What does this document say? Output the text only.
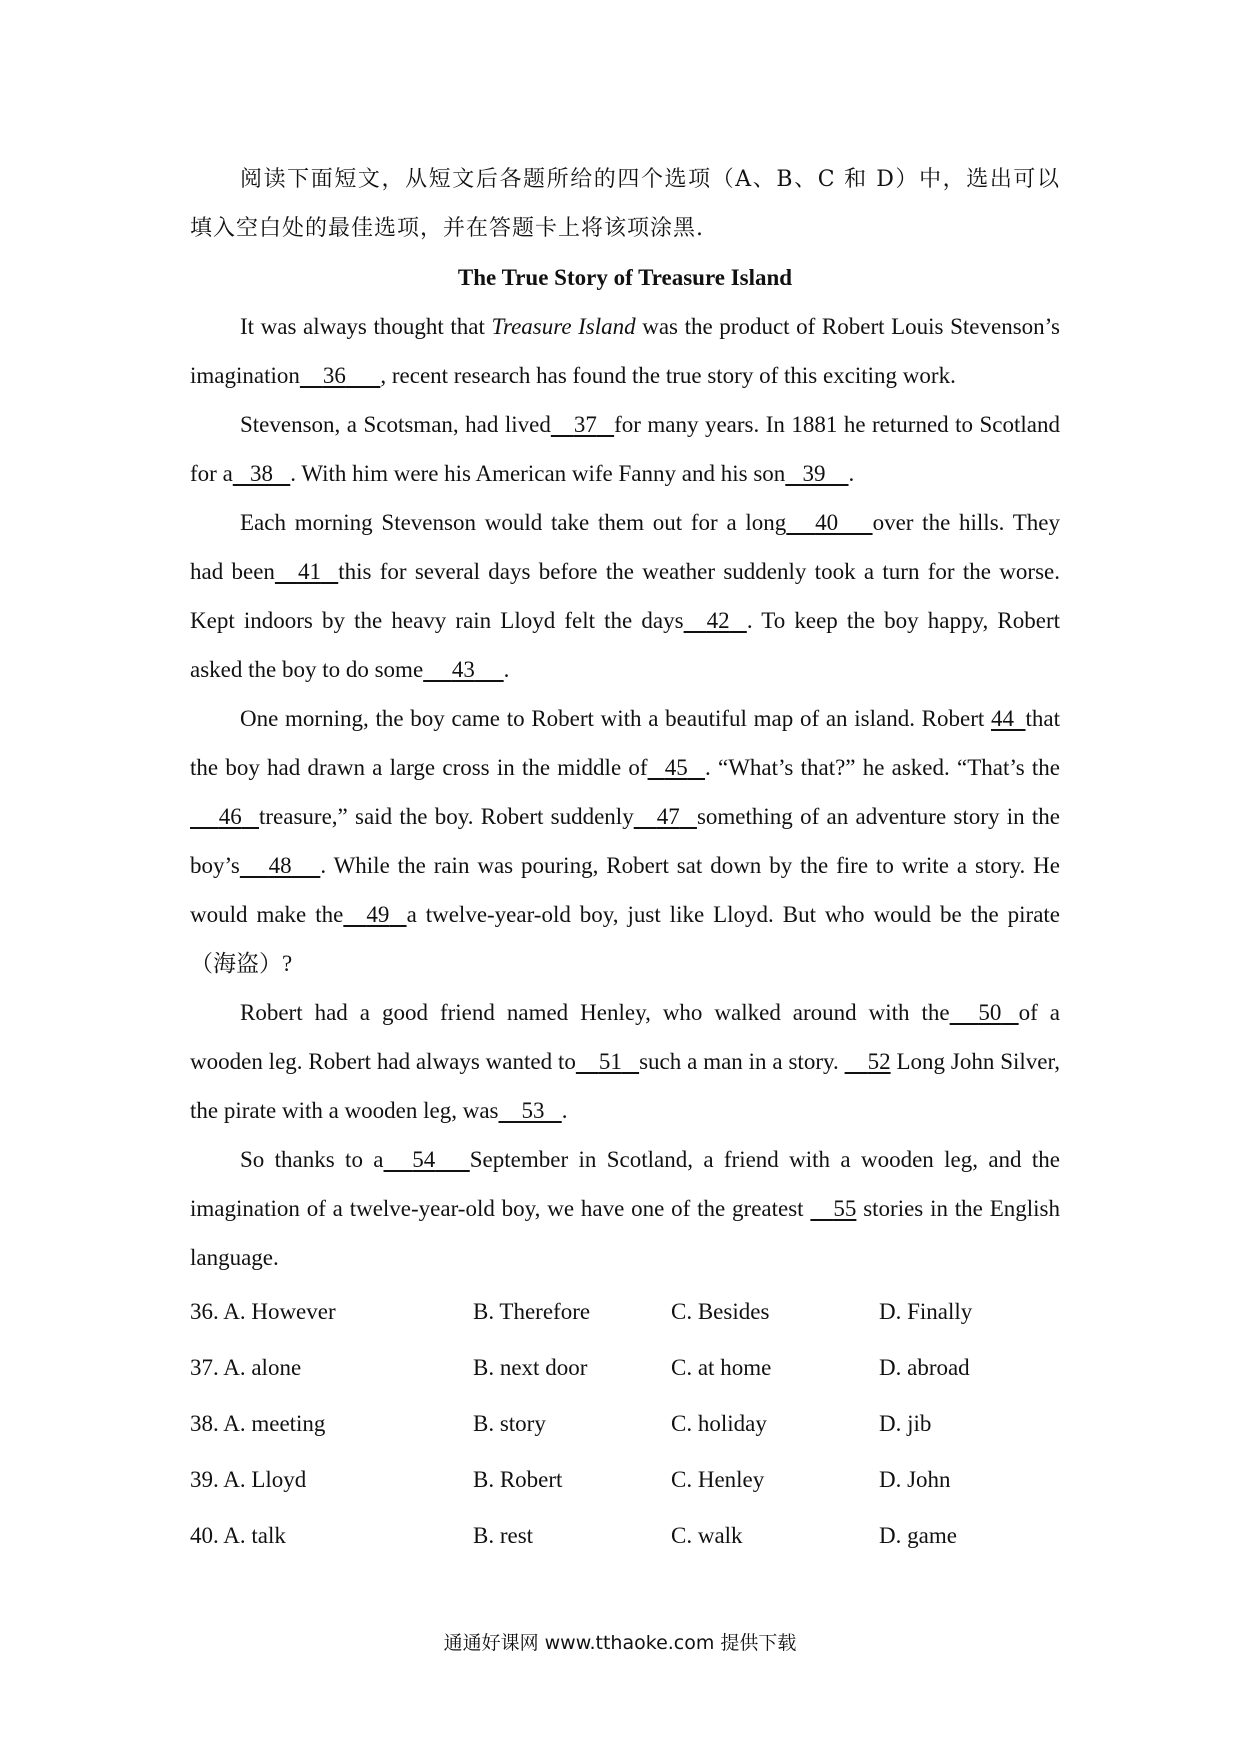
阅读下面短文，从短文后各题所给的四个选项（A、B、C 和 D）中，选出可以填入空白处的最佳选项，并在答题卡上将该项涂黑.

The True Story of Treasure Island

It was always thought that Treasure Island was the product of Robert Louis Stevenson’s imagination 36 , recent research has found the true story of this exciting work.

Stevenson, a Scotsman, had lived 37 for many years. In 1881 he returned to Scotland for a 38 . With him were his American wife Fanny and his son 39 .

Each morning Stevenson would take them out for a long 40 over the hills. They had been 41 this for several days before the weather suddenly took a turn for the worse. Kept indoors by the heavy rain Lloyd felt the days 42 . To keep the boy happy, Robert asked the boy to do some 43 .

One morning, the boy came to Robert with a beautiful map of an island. Robert 44 that the boy had drawn a large cross in the middle of 45 . “What’s that?” he asked. “That’s the     46 treasure,” said the boy. Robert suddenly 47 something of an adventure story in the boy’s 48 . While the rain was pouring, Robert sat down by the fire to write a story. He would make the 49 a twelve-year-old boy, just like Lloyd. But who would be the pirate（海盗）?

Robert had a good friend named Henley, who walked around with the 50 of a wooden leg. Robert had always wanted to 51 such a man in a story.     52 Long John Silver, the pirate with a wooden leg, was 53 .

So thanks to a 54 September in Scotland, a friend with a wooden leg, and the imagination of a twelve-year-old boy, we have one of the greatest     55 stories in the English language.

36. A. However	B. Therefore	C. Besides	D. Finally
37. A. alone	B. next door	C. at home	D. abroad
38. A. meeting	B. story	C. holiday	D. jib
39. A. Lloyd	B. Robert	C. Henley	D. John
40. A. talk	B. rest	C. walk	D. game
通通好课网 www.tthaoke.com 提供下载
